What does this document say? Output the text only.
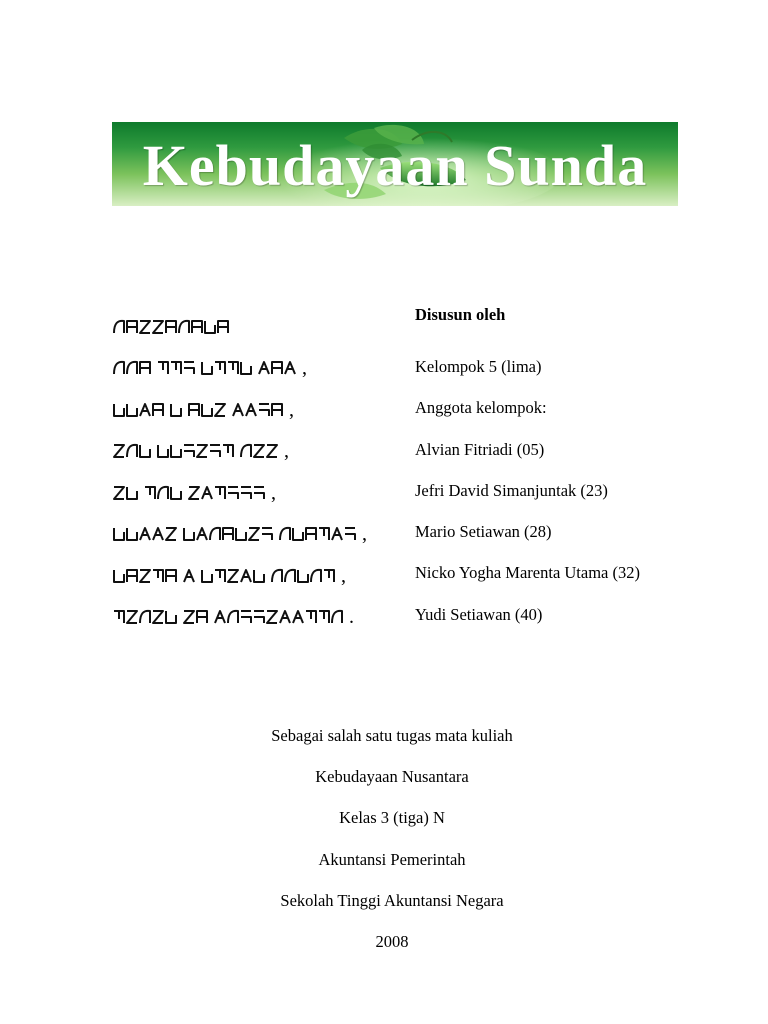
Kebudayaan Sunda
,
,
,
,
,
,
.
Disusun oleh
Kelompok 5 (lima)
Anggota kelompok:
Alvian Fitriadi (05)
Jefri David Simanjuntak (23)
Mario Setiawan (28)
Nicko Yogha Marenta Utama (32)
Yudi Setiawan (40)
Sebagai salah satu tugas mata kuliah
Kebudayaan Nusantara
Kelas 3 (tiga) N
Akuntansi Pemerintah
Sekolah Tinggi Akuntansi Negara
2008
